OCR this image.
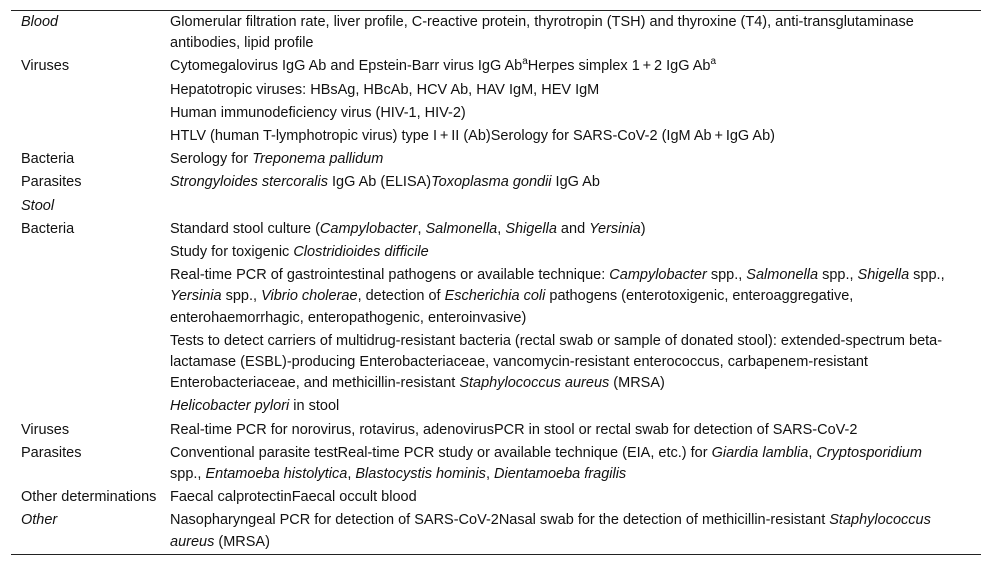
Blood	Glomerular filtration rate, liver profile, C-reactive protein, thyrotropin (TSH) and thyroxine (T4), anti-transglutaminase antibodies, lipid profile
Viruses	Cytomegalovirus IgG Ab and Epstein-Barr virus IgG Ab$^a$Herpes simplex 1 + 2 IgG Ab$^a$
	Hepatotropic viruses: HBsAg, HBcAb, HCV Ab, HAV IgM, HEV IgM
	Human immunodeficiency virus (HIV-1, HIV-2)
	HTLV (human T-lymphotropic virus) type I + II (Ab)Serology for SARS-CoV-2 (IgM Ab + IgG Ab)
Bacteria	Serology for Treponema pallidum
Parasites	Strongyloides stercoralis IgG Ab (ELISA)Toxoplasma gondii IgG Ab
Stool	
Bacteria	Standard stool culture (Campylobacter, Salmonella, Shigella and Yersinia)
	Study for toxigenic Clostridioides difficile
	Real-time PCR of gastrointestinal pathogens or available technique: Campylobacter spp., Salmonella spp., Shigella spp., Yersinia spp., Vibrio cholerae, detection of Escherichia coli pathogens (enterotoxigenic, enteroaggregative, enterohaemorrhagic, enteropathogenic, enteroinvasive)
	Tests to detect carriers of multidrug-resistant bacteria (rectal swab or sample of donated stool): extended-spectrum beta-lactamase (ESBL)-producing Enterobacteriaceae, vancomycin-resistant enterococcus, carbapenem-resistant Enterobacteriaceae, and methicillin-resistant Staphylococcus aureus (MRSA)
	Helicobacter pylori in stool
Viruses	Real-time PCR for norovirus, rotavirus, adenovirusPCR in stool or rectal swab for detection of SARS-CoV-2
Parasites	Conventional parasite testReal-time PCR study or available technique (EIA, etc.) for Giardia lamblia, Cryptosporidium spp., Entamoeba histolytica, Blastocystis hominis, Dientamoeba fragilis
Other determinations	Faecal calprotectinFaecal occult blood
Other	Nasopharyngeal PCR for detection of SARS-CoV-2Nasal swab for the detection of methicillin-resistant Staphylococcus aureus (MRSA)
